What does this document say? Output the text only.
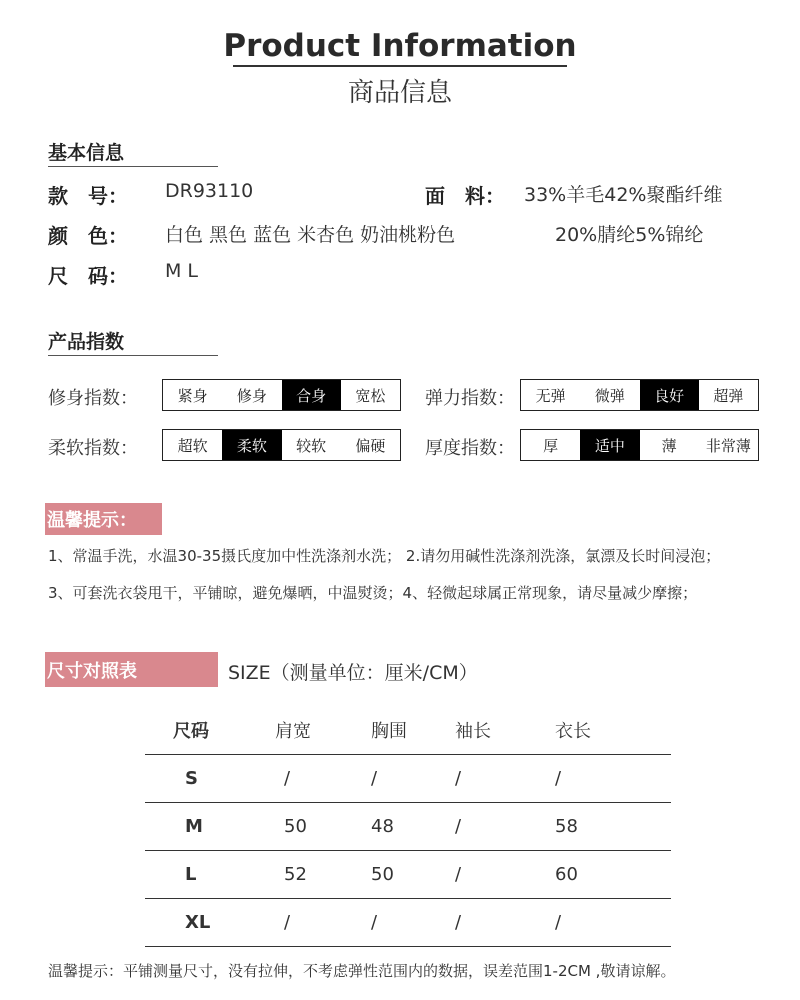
Product Information
商品信息
基本信息
款　号： DR93110	面　料： 33%羊毛42%聚酯纤维
颜　色： 白色 黑色 蓝色 米杏色 奶油桃粉色	20%腈纶5%锦纶
尺　码： M L
产品指数
修身指数：	紧身	修身	合身	宽松	弹力指数：	无弹	微弹	良好	超弹
柔软指数：	超软	柔软	较软	偏硬	厚度指数：	厚	适中	薄	非常薄
温馨提示：
1、常温手洗，水温30-35摄氏度加中性洗涤剂水洗； 2.请勿用碱性洗涤剂洗涤，氯漂及长时间浸泡；
3、可套洗衣袋甩干，平铺晾，避免爆晒，中温熨烫；4、轻微起球属正常现象，请尽量减少摩擦；
尺寸对照表	SIZE（测量单位：厘米/CM）
尺码	肩宽	胸围	袖长	衣长
S	/	/	/	/
M	50	48	/	58
L	52	50	/	60
XL	/	/	/	/
温馨提示：平铺测量尺寸，没有拉伸，不考虑弹性范围内的数据，误差范围1-2CM ,敬请谅解。
